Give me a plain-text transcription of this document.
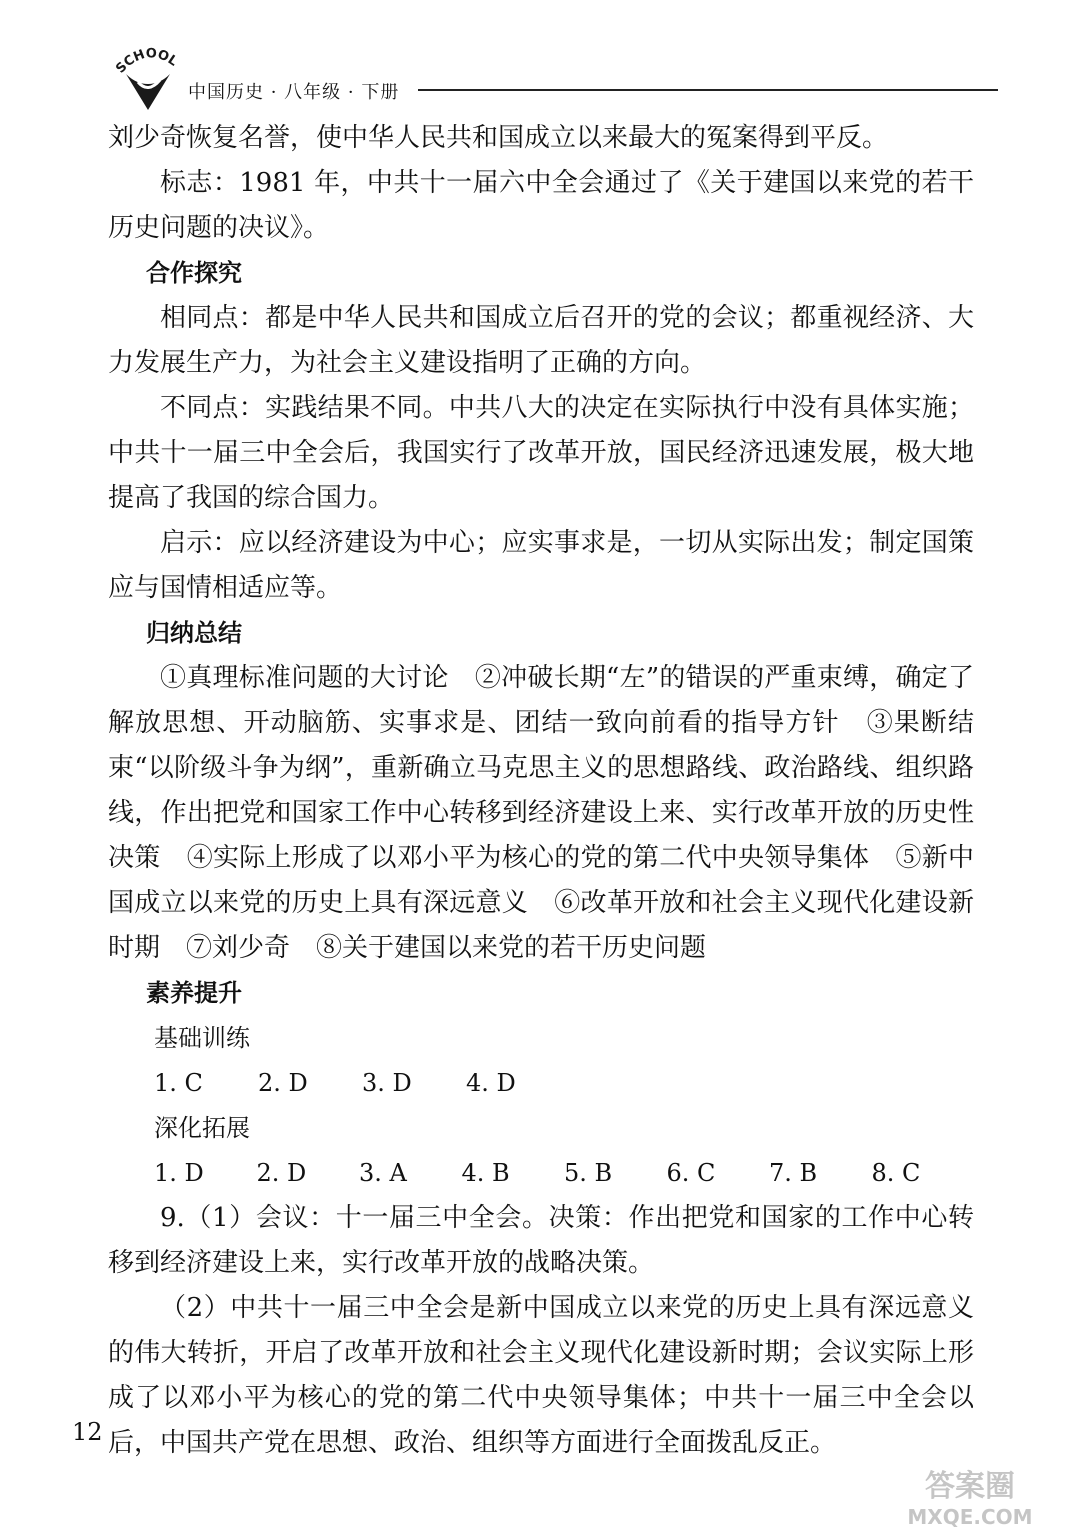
SCHOOL
中国历史 · 八年级 · 下册

刘少奇恢复名誉，使中华人民共和国成立以来最大的冤案得到平反。

标志：1981 年，中共十一届六中全会通过了《关于建国以来党的若干历史问题的决议》。

合作探究

相同点：都是中华人民共和国成立后召开的党的会议；都重视经济、大力发展生产力，为社会主义建设指明了正确的方向。

不同点：实践结果不同。中共八大的决定在实际执行中没有具体实施；中共十一届三中全会后，我国实行了改革开放，国民经济迅速发展，极大地提高了我国的综合国力。

启示：应以经济建设为中心；应实事求是，一切从实际出发；制定国策应与国情相适应等。

归纳总结

①真理标准问题的大讨论　②冲破长期“左”的错误的严重束缚，确定了解放思想、开动脑筋、实事求是、团结一致向前看的指导方针　③果断结束“以阶级斗争为纲”，重新确立马克思主义的思想路线、政治路线、组织路线，作出把党和国家工作中心转移到经济建设上来、实行改革开放的历史性决策　④实际上形成了以邓小平为核心的党的第二代中央领导集体　⑤新中国成立以来党的历史上具有深远意义　⑥改革开放和社会主义现代化建设新时期　⑦刘少奇　⑧关于建国以来党的若干历史问题

素养提升

基础训练

1. C	2. D	3. D	4. D

深化拓展

1. D	2. D	3. A	4. B	5. B	6. C	7. B	8. C

9.（1）会议：十一届三中全会。决策：作出把党和国家的工作中心转移到经济建设上来，实行改革开放的战略决策。

（2）中共十一届三中全会是新中国成立以来党的历史上具有深远意义的伟大转折，开启了改革开放和社会主义现代化建设新时期；会议实际上形成了以邓小平为核心的党的第二代中央领导集体；中共十一届三中全会以后，中国共产党在思想、政治、组织等方面进行全面拨乱反正。

12
答案圈
MXQE.COM
